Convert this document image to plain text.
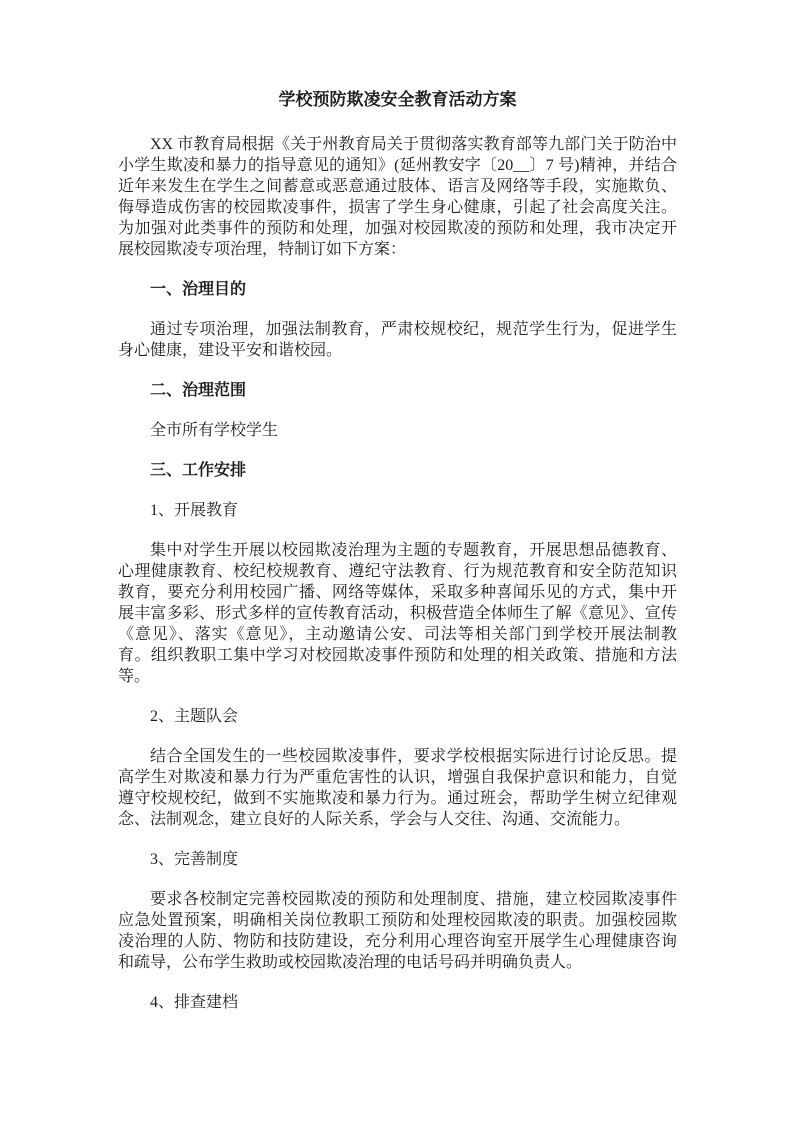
学校预防欺凌安全教育活动方案

XX 市教育局根据《关于州教育局关于贯彻落实教育部等九部门关于防治中小学生欺凌和暴力的指导意见的通知》(延州教安字〔20__〕7 号)精神，并结合近年来发生在学生之间蓄意或恶意通过肢体、语言及网络等手段，实施欺负、侮辱造成伤害的校园欺凌事件，损害了学生身心健康，引起了社会高度关注。为加强对此类事件的预防和处理，加强对校园欺凌的预防和处理，我市决定开展校园欺凌专项治理，特制订如下方案：

一、治理目的

通过专项治理，加强法制教育，严肃校规校纪，规范学生行为，促进学生身心健康，建设平安和谐校园。

二、治理范围

全市所有学校学生

三、工作安排

1、开展教育

集中对学生开展以校园欺凌治理为主题的专题教育，开展思想品德教育、心理健康教育、校纪校规教育、遵纪守法教育、行为规范教育和安全防范知识教育，要充分利用校园广播、网络等媒体，采取多种喜闻乐见的方式，集中开展丰富多彩、形式多样的宣传教育活动，积极营造全体师生了解《意见》、宣传《意见》、落实《意见》，主动邀请公安、司法等相关部门到学校开展法制教育。组织教职工集中学习对校园欺凌事件预防和处理的相关政策、措施和方法等。

2、主题队会

结合全国发生的一些校园欺凌事件，要求学校根据实际进行讨论反思。提高学生对欺凌和暴力行为严重危害性的认识，增强自我保护意识和能力，自觉遵守校规校纪，做到不实施欺凌和暴力行为。通过班会，帮助学生树立纪律观念、法制观念，建立良好的人际关系，学会与人交往、沟通、交流能力。

3、完善制度

要求各校制定完善校园欺凌的预防和处理制度、措施，建立校园欺凌事件应急处置预案，明确相关岗位教职工预防和处理校园欺凌的职责。加强校园欺凌治理的人防、物防和技防建设，充分利用心理咨询室开展学生心理健康咨询和疏导，公布学生救助或校园欺凌治理的电话号码并明确负责人。

4、排查建档
